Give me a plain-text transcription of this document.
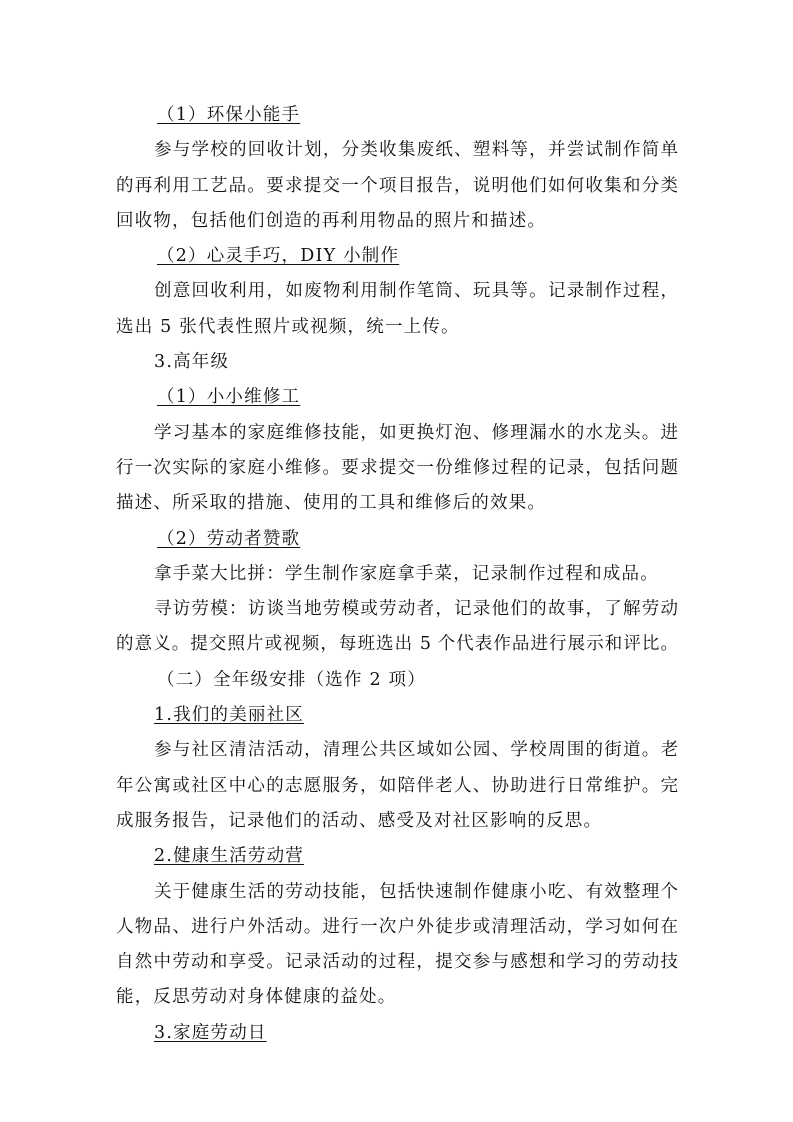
（1）环保小能手
参与学校的回收计划，分类收集废纸、塑料等，并尝试制作简单
的再利用工艺品。要求提交一个项目报告，说明他们如何收集和分类
回收物，包括他们创造的再利用物品的照片和描述。
（2）心灵手巧，DIY 小制作
创意回收利用，如废物利用制作笔筒、玩具等。记录制作过程，
选出 5 张代表性照片或视频，统一上传。
3.高年级
（1）小小维修工
学习基本的家庭维修技能，如更换灯泡、修理漏水的水龙头。进
行一次实际的家庭小维修。要求提交一份维修过程的记录，包括问题
描述、所采取的措施、使用的工具和维修后的效果。
（2）劳动者赞歌
拿手菜大比拼：学生制作家庭拿手菜，记录制作过程和成品。
寻访劳模：访谈当地劳模或劳动者，记录他们的故事，了解劳动
的意义。提交照片或视频，每班选出 5 个代表作品进行展示和评比。
（二）全年级安排（选作 2 项）
1.我们的美丽社区
参与社区清洁活动，清理公共区域如公园、学校周围的街道。老
年公寓或社区中心的志愿服务，如陪伴老人、协助进行日常维护。完
成服务报告，记录他们的活动、感受及对社区影响的反思。
2.健康生活劳动营
关于健康生活的劳动技能，包括快速制作健康小吃、有效整理个
人物品、进行户外活动。进行一次户外徒步或清理活动，学习如何在
自然中劳动和享受。记录活动的过程，提交参与感想和学习的劳动技
能，反思劳动对身体健康的益处。
3.家庭劳动日
